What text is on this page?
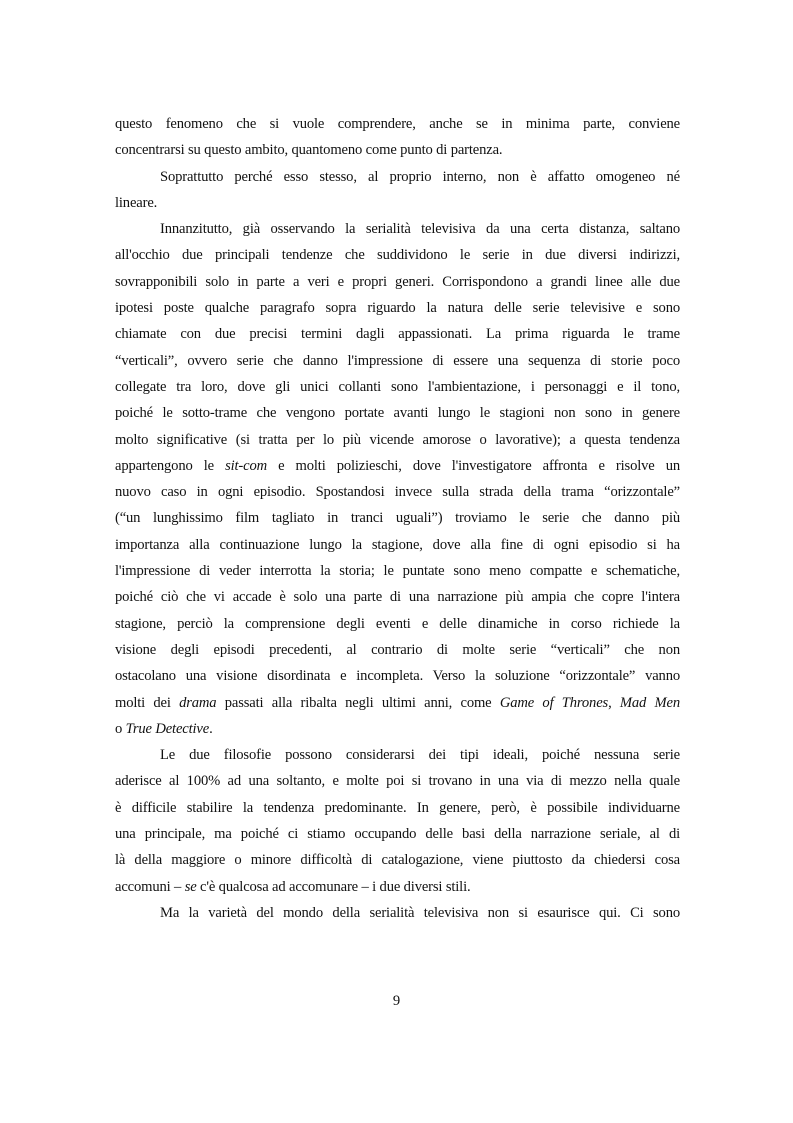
questo fenomeno che si vuole comprendere, anche se in minima parte, conviene
concentrarsi su questo ambito, quantomeno come punto di partenza.
Soprattutto perché esso stesso, al proprio interno, non è affatto omogeneo né
lineare.
Innanzitutto, già osservando la serialità televisiva da una certa distanza, saltano
all'occhio due principali tendenze che suddividono le serie in due diversi indirizzi,
sovrapponibili solo in parte a veri e propri generi. Corrispondono a grandi linee alle due
ipotesi poste qualche paragrafo sopra riguardo la natura delle serie televisive e sono
chiamate con due precisi termini dagli appassionati. La prima riguarda le trame
“verticali”, ovvero serie che danno l'impressione di essere una sequenza di storie poco
collegate tra loro, dove gli unici collanti sono l'ambientazione, i personaggi e il tono,
poiché le sotto-trame che vengono portate avanti lungo le stagioni non sono in genere
molto significative (si tratta per lo più vicende amorose o lavorative); a questa tendenza
appartengono le sit-com e molti polizieschi, dove l'investigatore affronta e risolve un
nuovo caso in ogni episodio. Spostandosi invece sulla strada della trama “orizzontale”
(“un lunghissimo film tagliato in tranci uguali”) troviamo le serie che danno più
importanza alla continuazione lungo la stagione, dove alla fine di ogni episodio si ha
l'impressione di veder interrotta la storia; le puntate sono meno compatte e schematiche,
poiché ciò che vi accade è solo una parte di una narrazione più ampia che copre l'intera
stagione, perciò la comprensione degli eventi e delle dinamiche in corso richiede la
visione degli episodi precedenti, al contrario di molte serie “verticali” che non
ostacolano una visione disordinata e incompleta. Verso la soluzione “orizzontale” vanno
molti dei drama passati alla ribalta negli ultimi anni, come Game of Thrones, Mad Men
o True Detective.
Le due filosofie possono considerarsi dei tipi ideali, poiché nessuna serie
aderisce al 100% ad una soltanto, e molte poi si trovano in una via di mezzo nella quale
è difficile stabilire la tendenza predominante. In genere, però, è possibile individuarne
una principale, ma poiché ci stiamo occupando delle basi della narrazione seriale, al di
là della maggiore o minore difficoltà di catalogazione, viene piuttosto da chiedersi cosa
accomuni – se c'è qualcosa ad accomunare – i due diversi stili.
Ma la varietà del mondo della serialità televisiva non si esaurisce qui. Ci sono
9
